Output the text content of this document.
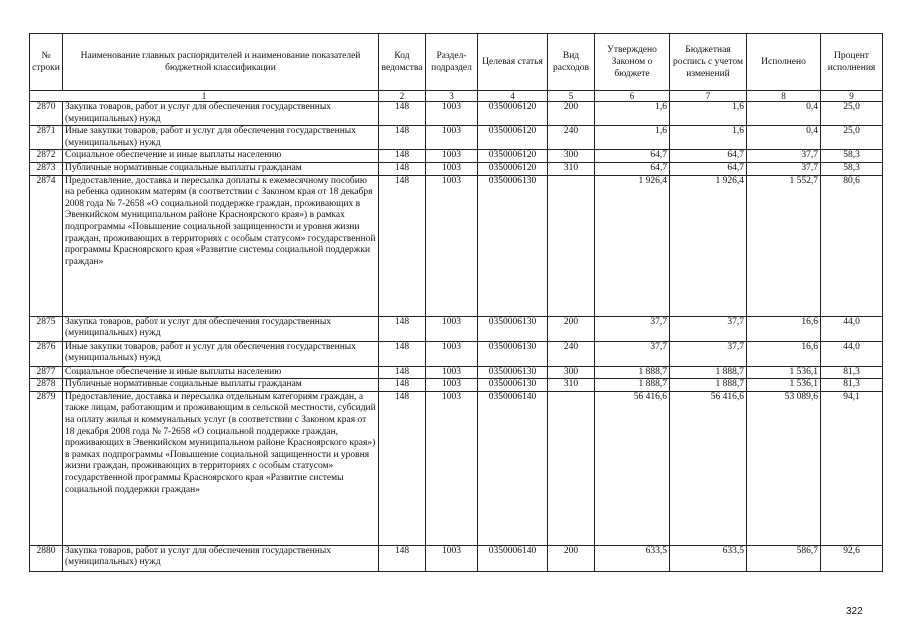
№ строки	Наименование главных распорядителей и наименование показателей бюджетной классификации	Код ведомства	Раздел-подраздел	Целевая статья	Вид расходов	Утверждено Законом о бюджете	Бюджетная роспись с учетом изменений	Исполнено	Процент исполнения
1		2	3	4	5	6	7	8	9
2870	Закупка товаров, работ и услуг для обеспечения государственных (муниципальных) нужд	148	1003	0350006120	200	1,6	1,6	0,4	25,0
2871	Иные закупки товаров, работ и услуг для обеспечения государственных (муниципальных) нужд	148	1003	0350006120	240	1,6	1,6	0,4	25,0
2872	Социальное обеспечение и иные выплаты населению	148	1003	0350006120	300	64,7	64,7	37,7	58,3
2873	Публичные нормативные социальные выплаты гражданам	148	1003	0350006120	310	64,7	64,7	37,7	58,3
2874	Предоставление, доставка и пересылка доплаты к ежемесячному пособию на ребенка одиноким матерям (в соответствии с Законом края от 18 декабря 2008 года № 7-2658 «О социальной поддержке граждан, проживающих в Эвенкийском муниципальном районе Красноярского края») в рамках подпрограммы «Повышение социальной защищенности и уровня жизни граждан, проживающих в территориях с особым статусом» государственной программы Красноярского края «Развитие системы социальной поддержки граждан»	148	1003	0350006130		1 926,4	1 926,4	1 552,7	80,6
2875	Закупка товаров, работ и услуг для обеспечения государственных (муниципальных) нужд	148	1003	0350006130	200	37,7	37,7	16,6	44,0
2876	Иные закупки товаров, работ и услуг для обеспечения государственных (муниципальных) нужд	148	1003	0350006130	240	37,7	37,7	16,6	44,0
2877	Социальное обеспечение и иные выплаты населению	148	1003	0350006130	300	1 888,7	1 888,7	1 536,1	81,3
2878	Публичные нормативные социальные выплаты гражданам	148	1003	0350006130	310	1 888,7	1 888,7	1 536,1	81,3
2879	Предоставление, доставка и пересылка отдельным категориям граждан, а также лицам, работающим и проживающим в сельской местности, субсидий на оплату жилья и коммунальных услуг (в соответствии с Законом края от 18 декабря 2008 года № 7-2658 «О социальной поддержке граждан, проживающих в Эвенкийском муниципальном районе Красноярского края») в рамках подпрограммы «Повышение социальной защищенности и уровня жизни граждан, проживающих в территориях с особым статусом» государственной программы Красноярского края «Развитие системы социальной поддержки граждан»	148	1003	0350006140		56 416,6	56 416,6	53 089,6	94,1
2880	Закупка товаров, работ и услуг для обеспечения государственных (муниципальных) нужд	148	1003	0350006140	200	633,5	633,5	586,7	92,6
322
